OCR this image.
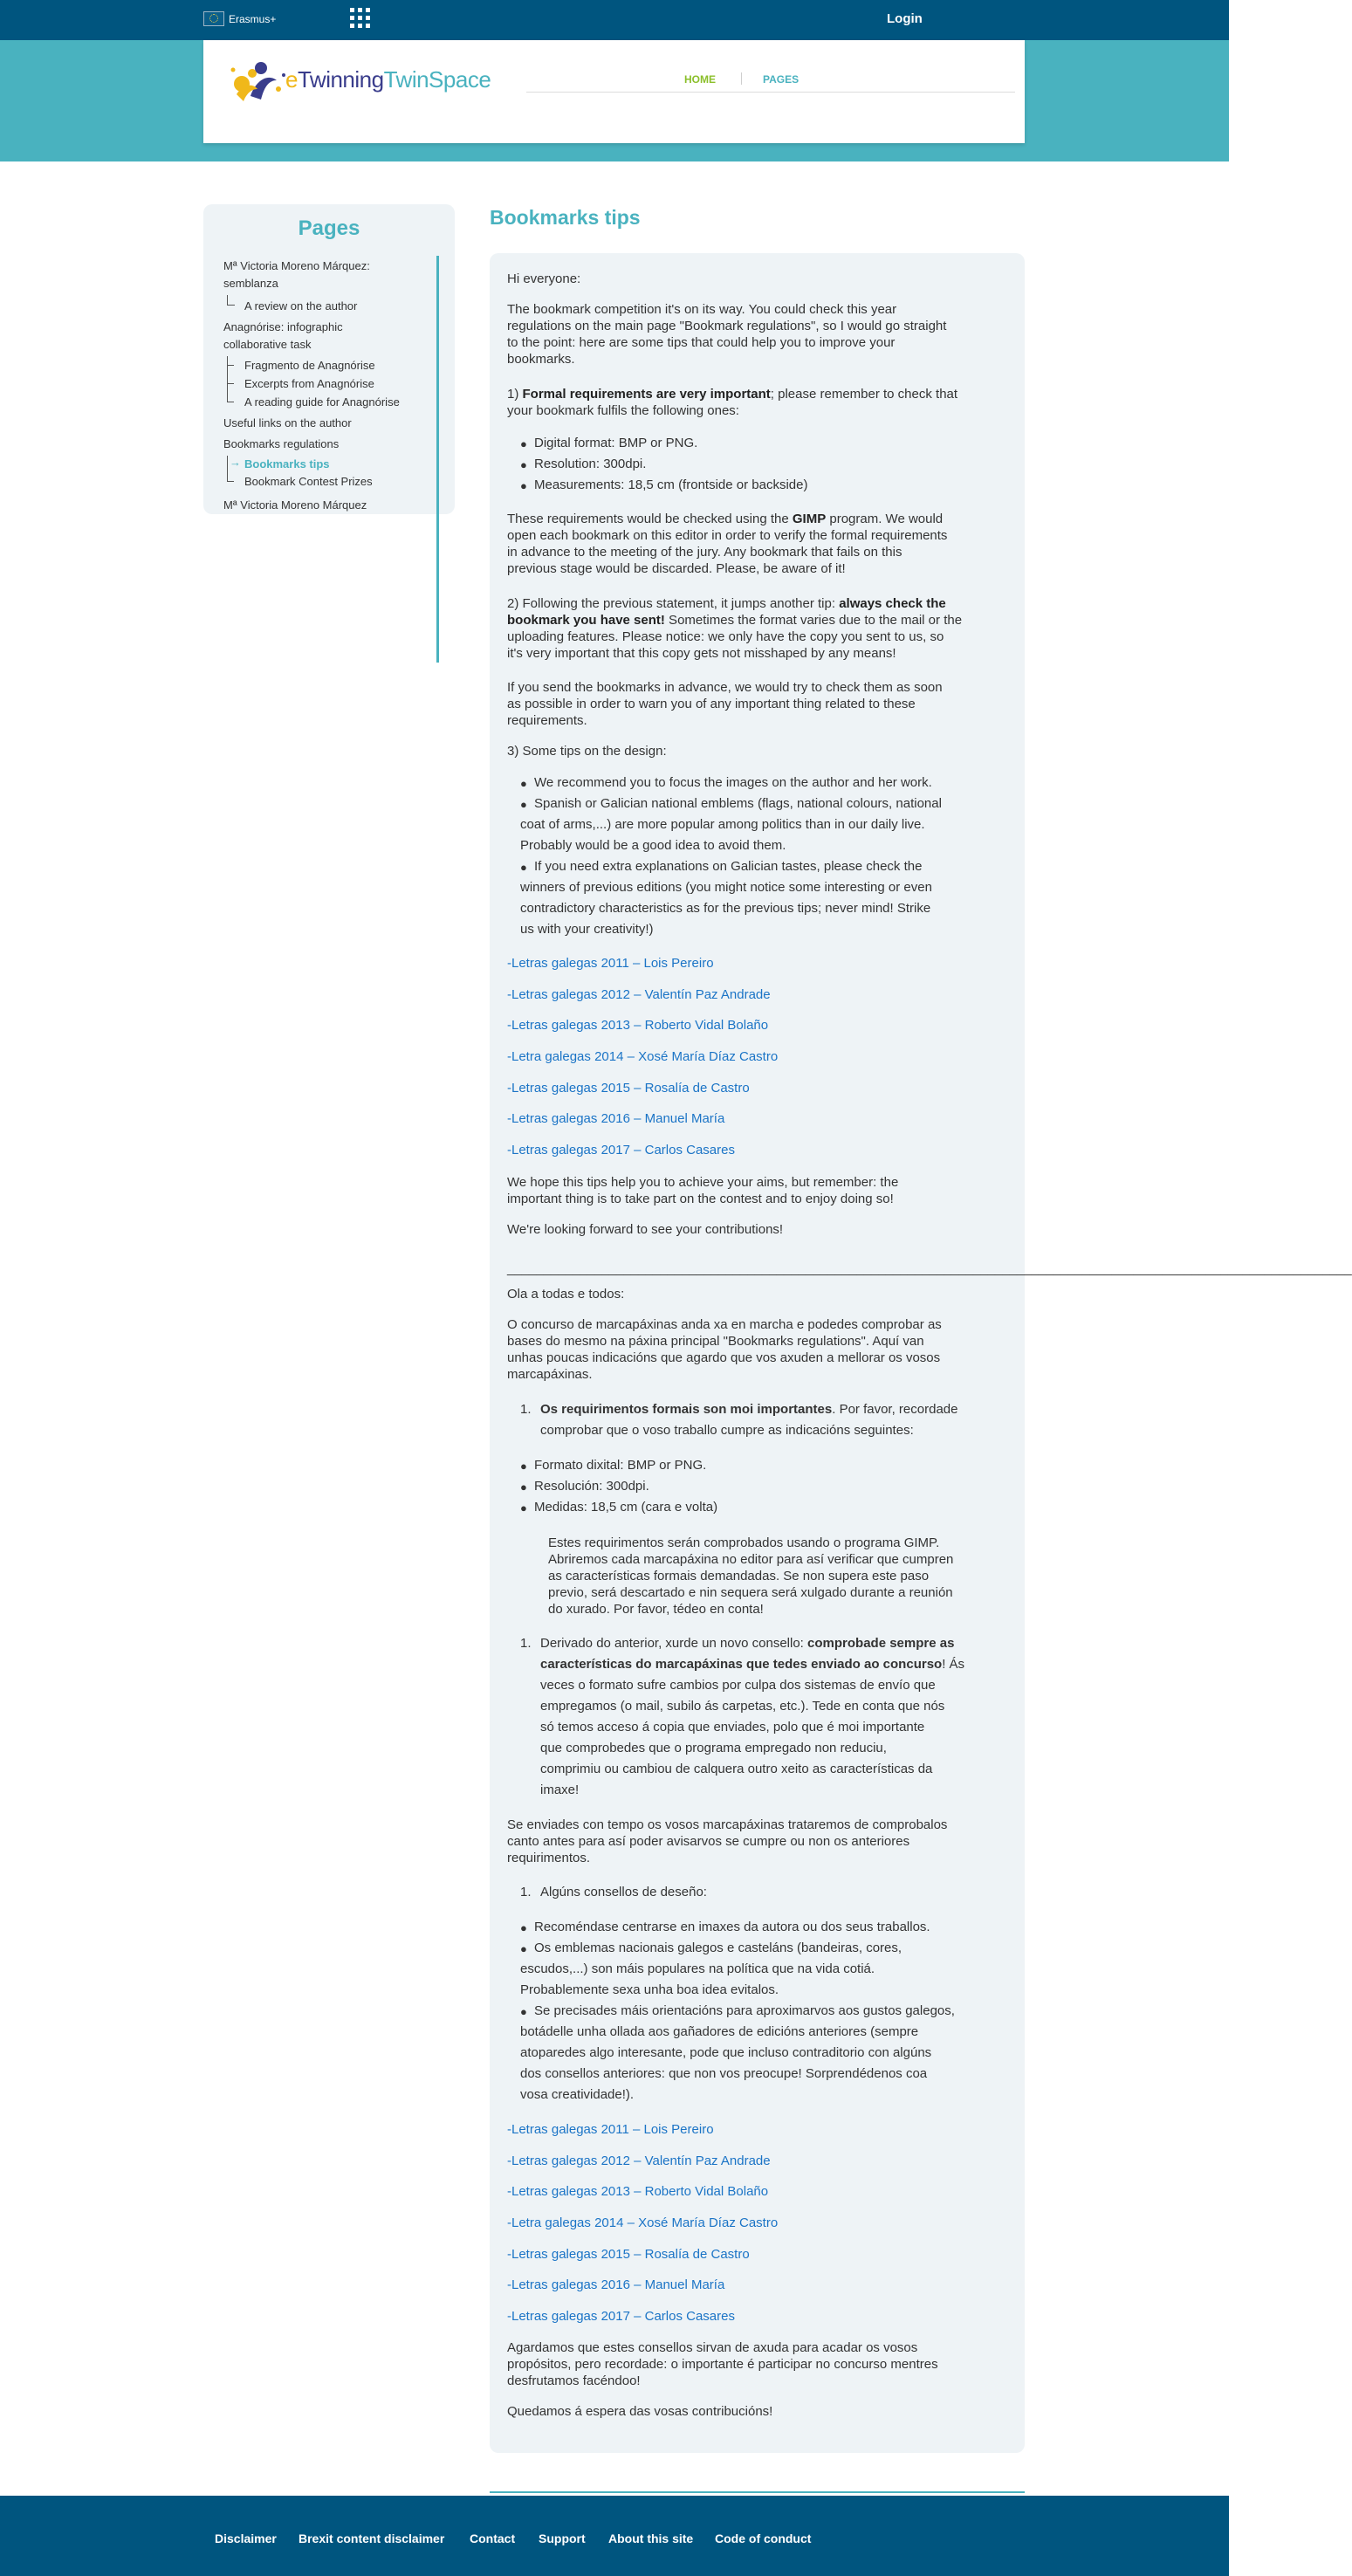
Erasmus+	Login
eTwinningTwinSpace	HOME	PAGES
Pages
Mª Victoria Moreno Márquez:
semblanza
A review on the author
Anagnórise: infographic
collaborative task
Fragmento de Anagnórise
Excerpts from Anagnórise
A reading guide for Anagnórise
Useful links on the author
Bookmarks regulations
→ Bookmarks tips
Bookmark Contest Prizes
Mª Victoria Moreno Márquez
Bookmarks tips
Hi everyone:
The bookmark competition it's on its way. You could check this year
regulations on the main page "Bookmark regulations", so I would go straight
to the point: here are some tips that could help you to improve your
bookmarks.
1) Formal requirements are very important; please remember to check that
your bookmark fulfils the following ones:
● Digital format: BMP or PNG.
● Resolution: 300dpi.
● Measurements: 18,5 cm (frontside or backside)
These requirements would be checked using the GIMP program. We would
open each bookmark on this editor in order to verify the formal requirements
in advance to the meeting of the jury. Any bookmark that fails on this
previous stage would be discarded. Please, be aware of it!
2) Following the previous statement, it jumps another tip: always check the
bookmark you have sent! Sometimes the format varies due to the mail or the
uploading features. Please notice: we only have the copy you sent to us, so
it's very important that this copy gets not misshaped by any means!
If you send the bookmarks in advance, we would try to check them as soon
as possible in order to warn you of any important thing related to these
requirements.
3) Some tips on the design:
● We recommend you to focus the images on the author and her work.
● Spanish or Galician national emblems (flags, national colours, national
coat of arms,...) are more popular among politics than in our daily live.
Probably would be a good idea to avoid them.
● If you need extra explanations on Galician tastes, please check the
winners of previous editions (you might notice some interesting or even
contradictory characteristics as for the previous tips; never mind! Strike
us with your creativity!)
-Letras galegas 2011 – Lois Pereiro
-Letras galegas 2012 – Valentín Paz Andrade
-Letras galegas 2013 – Roberto Vidal Bolaño
-Letra galegas 2014 – Xosé María Díaz Castro
-Letras galegas 2015 – Rosalía de Castro
-Letras galegas 2016 – Manuel María
-Letras galegas 2017 – Carlos Casares
We hope this tips help you to achieve your aims, but remember: the
important thing is to take part on the contest and to enjoy doing so!
We're looking forward to see your contributions!
____________________________________________________________________________________________________________________
Ola a todas e todos:
O concurso de marcapáxinas anda xa en marcha e podedes comprobar as
bases do mesmo na páxina principal "Bookmarks regulations". Aquí van
unhas poucas indicacións que agardo que vos axuden a mellorar os vosos
marcapáxinas.
1. Os requirimentos formais son moi importantes. Por favor, recordade
comprobar que o voso traballo cumpre as indicacións seguintes:
● Formato dixital: BMP or PNG.
● Resolución: 300dpi.
● Medidas: 18,5 cm (cara e volta)
Estes requirimentos serán comprobados usando o programa GIMP.
Abriremos cada marcapáxina no editor para así verificar que cumpren
as características formais demandadas. Se non supera este paso
previo, será descartado e nin sequera será xulgado durante a reunión
do xurado. Por favor, tédeo en conta!
1. Derivado do anterior, xurde un novo consello: comprobade sempre as
características do marcapáxinas que tedes enviado ao concurso! Ás
veces o formato sufre cambios por culpa dos sistemas de envío que
empregamos (o mail, subilo ás carpetas, etc.). Tede en conta que nós
só temos acceso á copia que enviades, polo que é moi importante
que comprobedes que o programa empregado non reduciu,
comprimiu ou cambiou de calquera outro xeito as características da
imaxe!
Se enviades con tempo os vosos marcapáxinas trataremos de comprobalos
canto antes para así poder avisarvos se cumpre ou non os anteriores
requirimentos.
1. Algúns consellos de deseño:
● Recoméndase centrarse en imaxes da autora ou dos seus traballos.
● Os emblemas nacionais galegos e casteláns (bandeiras, cores,
escudos,...) son máis populares na política que na vida cotiá.
Probablemente sexa unha boa idea evitalos.
● Se precisades máis orientacións para aproximarvos aos gustos galegos,
botádelle unha ollada aos gañadores de edicións anteriores (sempre
atoparedes algo interesante, pode que incluso contraditorio con algúns
dos consellos anteriores: que non vos preocupe! Sorprendédenos coa
vosa creatividade!).
-Letras galegas 2011 – Lois Pereiro
-Letras galegas 2012 – Valentín Paz Andrade
-Letras galegas 2013 – Roberto Vidal Bolaño
-Letra galegas 2014 – Xosé María Díaz Castro
-Letras galegas 2015 – Rosalía de Castro
-Letras galegas 2016 – Manuel María
-Letras galegas 2017 – Carlos Casares
Agardamos que estes consellos sirvan de axuda para acadar os vosos
propósitos, pero recordade: o importante é participar no concurso mentres
desfrutamos facéndoo!
Quedamos á espera das vosas contribucións!
Disclaimer Brexit content disclaimer Contact Support About this site Code of conduct
